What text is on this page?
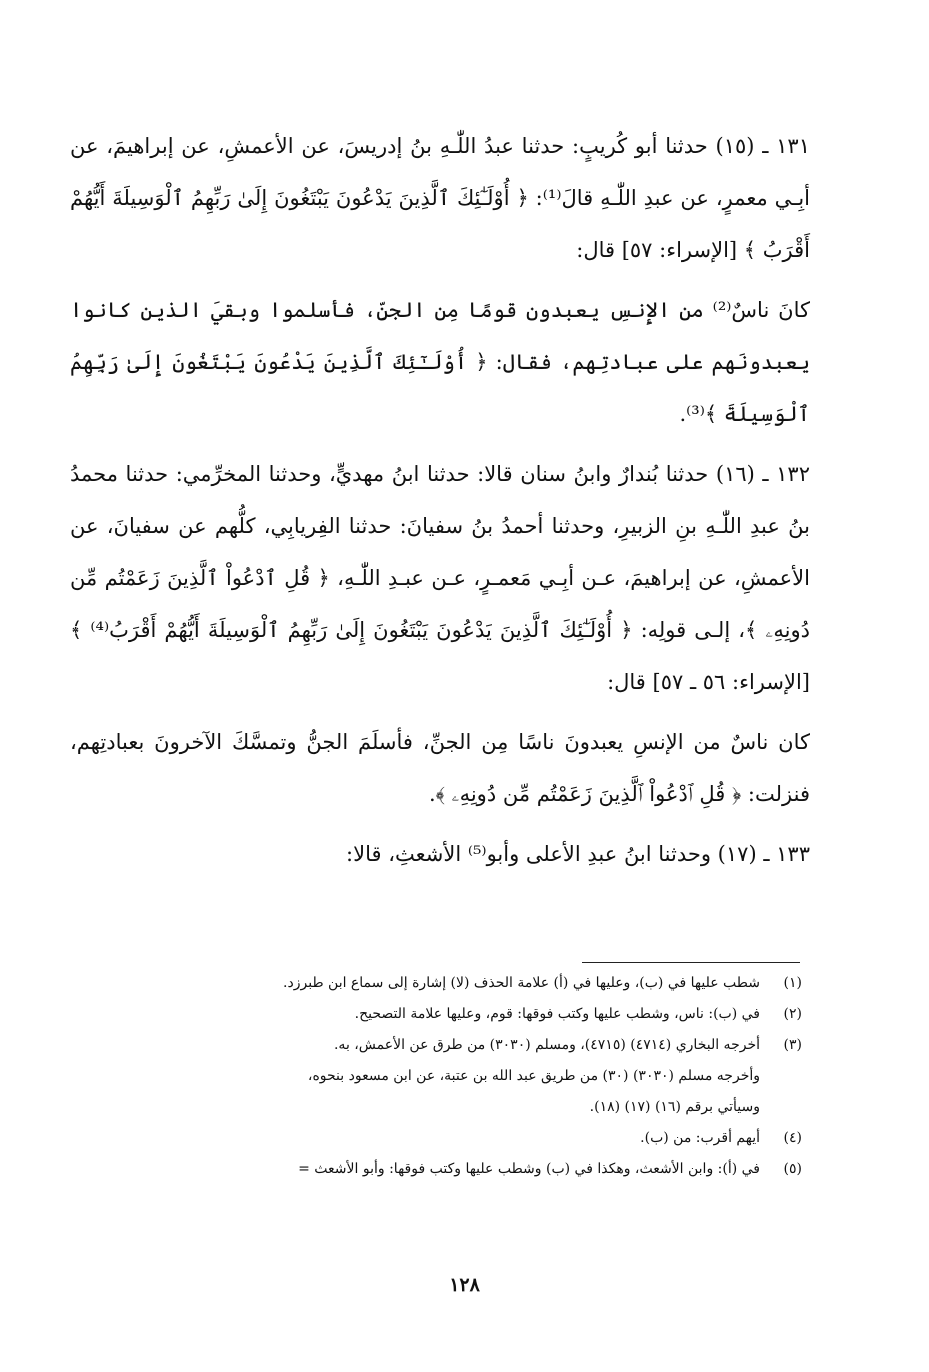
١٣١ ـ (١٥) حدثنا أبو كُريبٍ: حدثنا عبدُ اللّٰـهِ بنُ إدريسَ، عن الأعمشِ، عن إبراهيمَ، عن أبِـي معمرٍ، عن عبدِ اللّٰـهِ قالَ⁽¹⁾: ﴿ أُوْلَـٰٓئِكَ ٱلَّذِينَ يَدْعُونَ يَبْتَغُونَ إِلَىٰ رَبِّهِمُ ٱلْوَسِيلَةَ أَيُّهُمْ أَقْرَبُ ﴾ [الإسراء: ٥٧] قال:

كانَ ناسٌ⁽²⁾ من الإِنسِ يعبدون قومًا مِن الجنِّ، فأسلموا وبقيَ الذين كانوا يعبدونَهم على عبادتِهم، فقال: ﴿ أُوْلَـٰٓئِكَ ٱلَّذِينَ يَدْعُونَ يَبْتَغُونَ إِلَىٰ رَبِّهِمُ ٱلْوَسِيلَةَ ﴾⁽³⁾.

١٣٢ ـ (١٦) حدثنا بُندارٌ وابنُ سنان قالا: حدثنا ابنُ مهديٍّ، وحدثنا المخرِّمي: حدثنا محمدُ بنُ عبدِ اللّٰـهِ بنِ الزبيرِ، وحدثنا أحمدُ بنُ سفيانَ: حدثنا الفِريابِي، كلُّهم عن سفيانَ، عن الأعمشِ، عن إبراهيمَ، عـن أبِـي مَعمـرٍ، عـن عبـدِ اللّٰـهِ، ﴿ قُلِ ٱدْعُواْ ٱلَّذِينَ زَعَمْتُم مِّن دُونِهِۦ ﴾، إلـى قولِه: ﴿ أُوْلَـٰٓئِكَ ٱلَّذِينَ يَدْعُونَ يَبْتَغُونَ إِلَىٰ رَبِّهِمُ ٱلْوَسِيلَةَ أَيُّهُمْ أَقْرَبُ⁽⁴⁾ ﴾ [الإسراء: ٥٦ ـ ٥٧] قال:

كان ناسٌ من الإنسِ يعبدونَ ناسًا مِن الجنِّ، فأسلَمَ الجنُّ وتمسَّكَ الآخرونَ بعبادتِهم، فنزلت: ﴿ قُلِ ٱدْعُواْ ٱلَّذِينَ زَعَمْتُم مِّن دُونِهِۦ ﴾.

١٣٣ ـ (١٧) وحدثنا ابنُ عبدِ الأعلى وأبو⁽⁵⁾ الأشعثِ، قالا:

(١)
شطب عليها في (ب)، وعليها في (أ) علامة الحذف (لا) إشارة إلى سماع ابن طبرزد.
(٢)
في (ب): ناس، وشطب عليها وكتب فوقها: قوم، وعليها علامة التصحيح.
(٣)
أخرجه البخاري (٤٧١٤) (٤٧١٥)، ومسلم (٣٠٣٠) من طرق عن الأعمش، به.
وأخرجه مسلم (٣٠٣٠) (٣٠) من طريق عبد الله بن عتبة، عن ابن مسعود بنحوه،
وسيأتي برقم (١٦) (١٧) (١٨).
(٤)
أيهم أقرب: من (ب).
(٥)
في (أ): وابن الأشعث، وهكذا في (ب) وشطب عليها وكتب فوقها: وأبو الأشعث =
١٢٨
